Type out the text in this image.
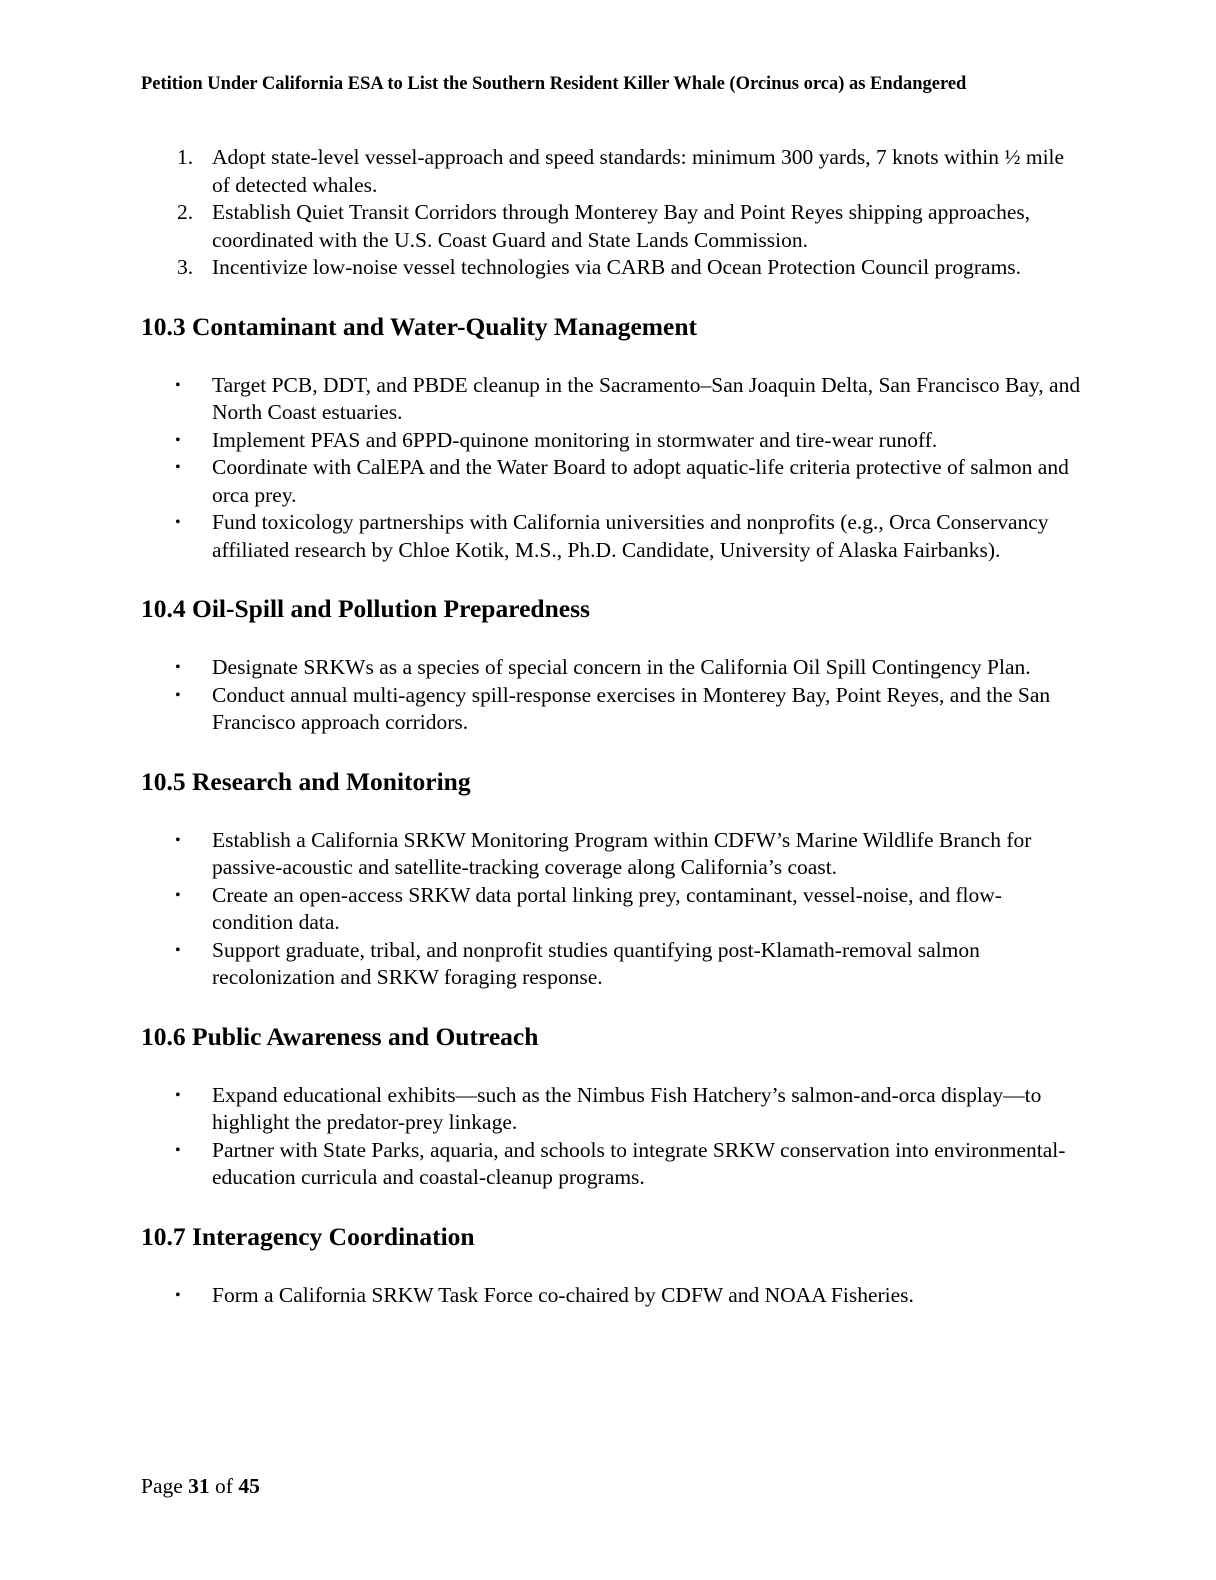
Petition Under California ESA to List the Southern Resident Killer Whale (Orcinus orca) as Endangered
1. Adopt state-level vessel-approach and speed standards: minimum 300 yards, 7 knots within ½ mile of detected whales.
2. Establish Quiet Transit Corridors through Monterey Bay and Point Reyes shipping approaches, coordinated with the U.S. Coast Guard and State Lands Commission.
3. Incentivize low-noise vessel technologies via CARB and Ocean Protection Council programs.
10.3 Contaminant and Water-Quality Management
• Target PCB, DDT, and PBDE cleanup in the Sacramento–San Joaquin Delta, San Francisco Bay, and North Coast estuaries.
• Implement PFAS and 6PPD-quinone monitoring in stormwater and tire-wear runoff.
• Coordinate with CalEPA and the Water Board to adopt aquatic-life criteria protective of salmon and orca prey.
• Fund toxicology partnerships with California universities and nonprofits (e.g., Orca Conservancy affiliated research by Chloe Kotik, M.S., Ph.D. Candidate, University of Alaska Fairbanks).
10.4 Oil-Spill and Pollution Preparedness
• Designate SRKWs as a species of special concern in the California Oil Spill Contingency Plan.
• Conduct annual multi-agency spill-response exercises in Monterey Bay, Point Reyes, and the San Francisco approach corridors.
10.5 Research and Monitoring
• Establish a California SRKW Monitoring Program within CDFW’s Marine Wildlife Branch for passive-acoustic and satellite-tracking coverage along California’s coast.
• Create an open-access SRKW data portal linking prey, contaminant, vessel-noise, and flow-condition data.
• Support graduate, tribal, and nonprofit studies quantifying post-Klamath-removal salmon recolonization and SRKW foraging response.
10.6 Public Awareness and Outreach
• Expand educational exhibits—such as the Nimbus Fish Hatchery’s salmon-and-orca display—to highlight the predator-prey linkage.
• Partner with State Parks, aquaria, and schools to integrate SRKW conservation into environmental-education curricula and coastal-cleanup programs.
10.7 Interagency Coordination
• Form a California SRKW Task Force co-chaired by CDFW and NOAA Fisheries.
Page 31 of 45
